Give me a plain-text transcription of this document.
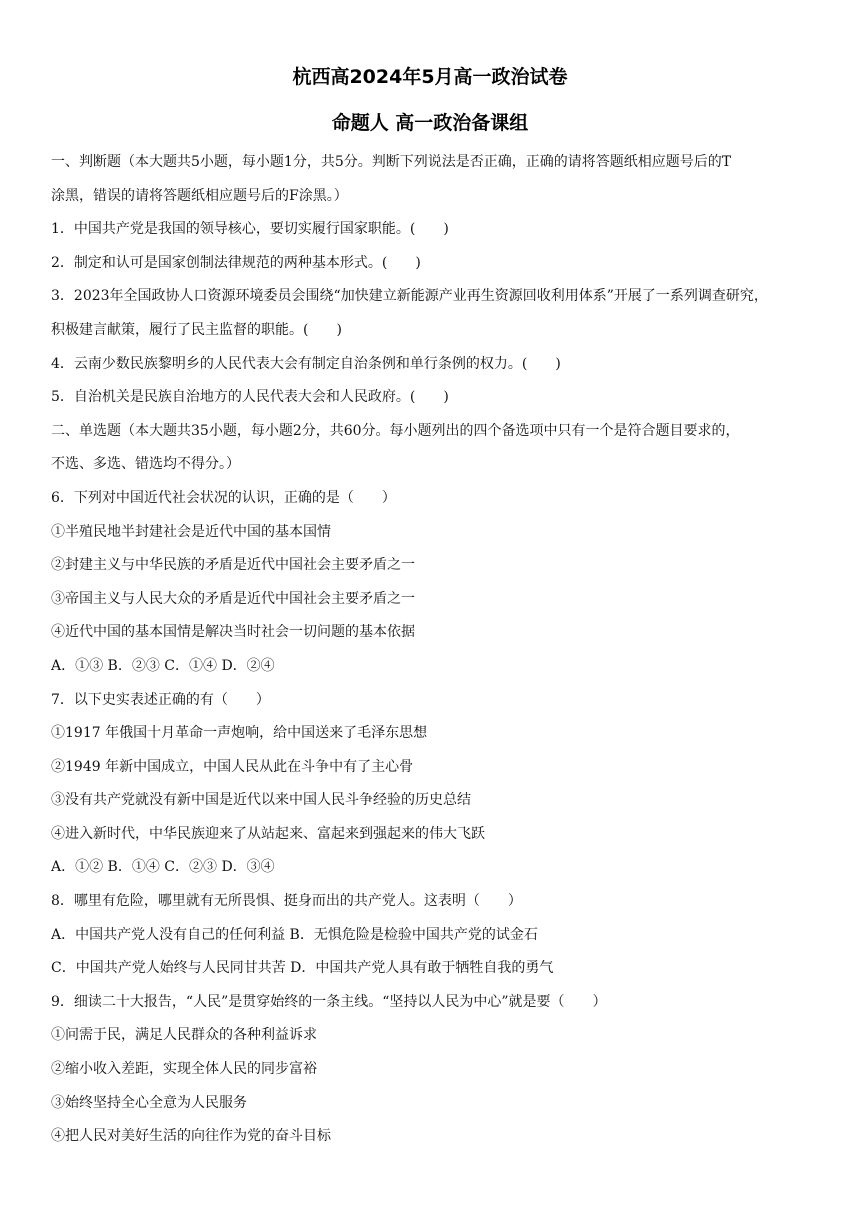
杭西高2024年5月高一政治试卷
命题人 高一政治备课组
一、判断题（本大题共5小题，每小题1分，共5分。判断下列说法是否正确，正确的请将答题纸相应题号后的T
涂黑，错误的请将答题纸相应题号后的F涂黑。）
1．中国共产党是我国的领导核心，要切实履行国家职能。(　　)
2．制定和认可是国家创制法律规范的两种基本形式。(　　)
3．2023年全国政协人口资源环境委员会围绕“加快建立新能源产业再生资源回收利用体系”开展了一系列调查研究，
积极建言献策，履行了民主监督的职能。(　　)
4．云南少数民族黎明乡的人民代表大会有制定自治条例和单行条例的权力。(　　)
5．自治机关是民族自治地方的人民代表大会和人民政府。(　　)
二、单选题（本大题共35小题，每小题2分，共60分。每小题列出的四个备选项中只有一个是符合题目要求的，
不选、多选、错选均不得分。）
6．下列对中国近代社会状况的认识，正确的是（　　）
①半殖民地半封建社会是近代中国的基本国情
②封建主义与中华民族的矛盾是近代中国社会主要矛盾之一
③帝国主义与人民大众的矛盾是近代中国社会主要矛盾之一
④近代中国的基本国情是解决当时社会一切问题的基本依据
A．①③ B．②③ C．①④ D．②④
7．以下史实表述正确的有（　　）
①1917 年俄国十月革命一声炮响，给中国送来了毛泽东思想
②1949 年新中国成立，中国人民从此在斗争中有了主心骨
③没有共产党就没有新中国是近代以来中国人民斗争经验的历史总结
④进入新时代，中华民族迎来了从站起来、富起来到强起来的伟大飞跃
A．①② B．①④ C．②③ D．③④
8．哪里有危险，哪里就有无所畏惧、挺身而出的共产党人。这表明（　　）
A．中国共产党人没有自己的任何利益 B．无惧危险是检验中国共产党的试金石
C．中国共产党人始终与人民同甘共苦 D．中国共产党人具有敢于牺牲自我的勇气
9．细读二十大报告，“人民”是贯穿始终的一条主线。“坚持以人民为中心”就是要（　　）
①问需于民，满足人民群众的各种利益诉求
②缩小收入差距，实现全体人民的同步富裕
③始终坚持全心全意为人民服务
④把人民对美好生活的向往作为党的奋斗目标
